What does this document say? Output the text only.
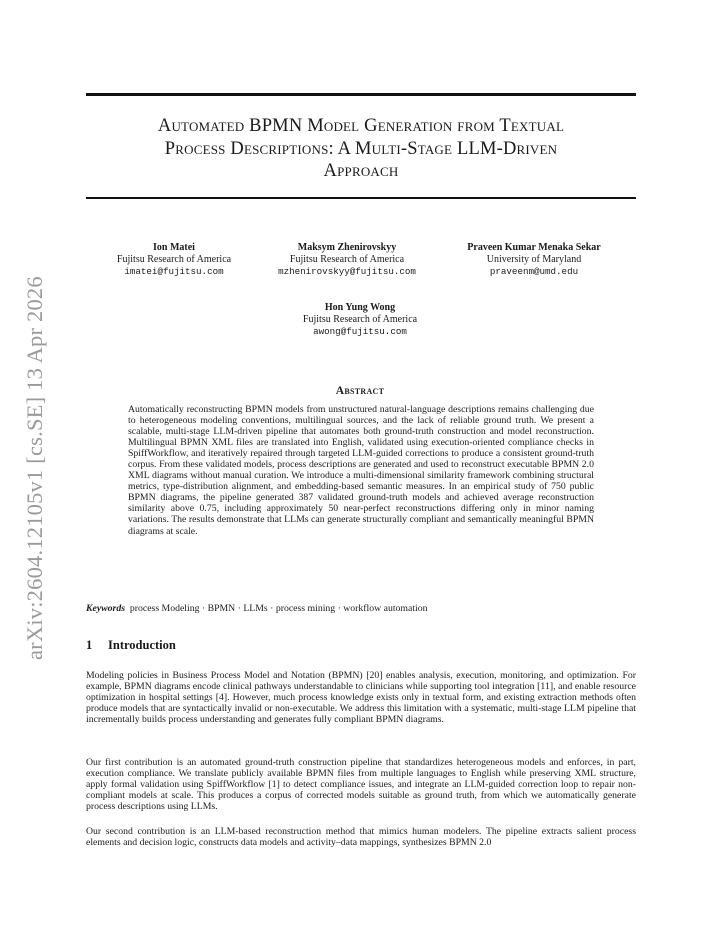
arXiv:2604.12105v1 [cs.SE] 13 Apr 2026
Automated BPMN Model Generation from Textual
Process Descriptions: A Multi-Stage LLM-Driven
Approach
Ion Matei
Fujitsu Research of America
imatei@fujitsu.com
Maksym Zhenirovskyy
Fujitsu Research of America
mzhenirovskyy@fujitsu.com
Praveen Kumar Menaka Sekar
University of Maryland
praveenm@umd.edu
Hon Yung Wong
Fujitsu Research of America
awong@fujitsu.com
Abstract

Automatically reconstructing BPMN models from unstructured natural-language descriptions remains challenging due to heterogeneous modeling conventions, multilingual sources, and the lack of reliable ground truth. We present a scalable, multi-stage LLM-driven pipeline that automates both ground-truth construction and model reconstruction. Multilingual BPMN XML files are translated into English, validated using execution-oriented compliance checks in SpiffWorkflow, and iteratively repaired through targeted LLM-guided corrections to produce a consistent ground-truth corpus. From these validated models, process descriptions are generated and used to reconstruct executable BPMN 2.0 XML diagrams without manual curation. We introduce a multi-dimensional similarity framework combining structural metrics, type-distribution alignment, and embedding-based semantic measures. In an empirical study of 750 public BPMN diagrams, the pipeline generated 387 validated ground-truth models and achieved average reconstruction similarity above 0.75, including approximately 50 near-perfect reconstructions differing only in minor naming variations. The results demonstrate that LLMs can generate structurally compliant and semantically meaningful BPMN diagrams at scale.

Keywords process Modeling · BPMN · LLMs · process mining · workflow automation
1 Introduction

Modeling policies in Business Process Model and Notation (BPMN) [20] enables analysis, execution, monitoring, and optimization. For example, BPMN diagrams encode clinical pathways understandable to clinicians while supporting tool integration [11], and enable resource optimization in hospital settings [4]. However, much process knowledge exists only in textual form, and existing extraction methods often produce models that are syntactically invalid or non-executable. We address this limitation with a systematic, multi-stage LLM pipeline that incrementally builds process understanding and generates fully compliant BPMN diagrams.

Our first contribution is an automated ground-truth construction pipeline that standardizes heterogeneous models and enforces, in part, execution compliance. We translate publicly available BPMN files from multiple languages to English while preserving XML structure, apply formal validation using SpiffWorkflow [1] to detect compliance issues, and integrate an LLM-guided correction loop to repair non-compliant models at scale. This produces a corpus of corrected models suitable as ground truth, from which we automatically generate process descriptions using LLMs.

Our second contribution is an LLM-based reconstruction method that mimics human modelers. The pipeline extracts salient process elements and decision logic, constructs data models and activity–data mappings, synthesizes BPMN 2.0
